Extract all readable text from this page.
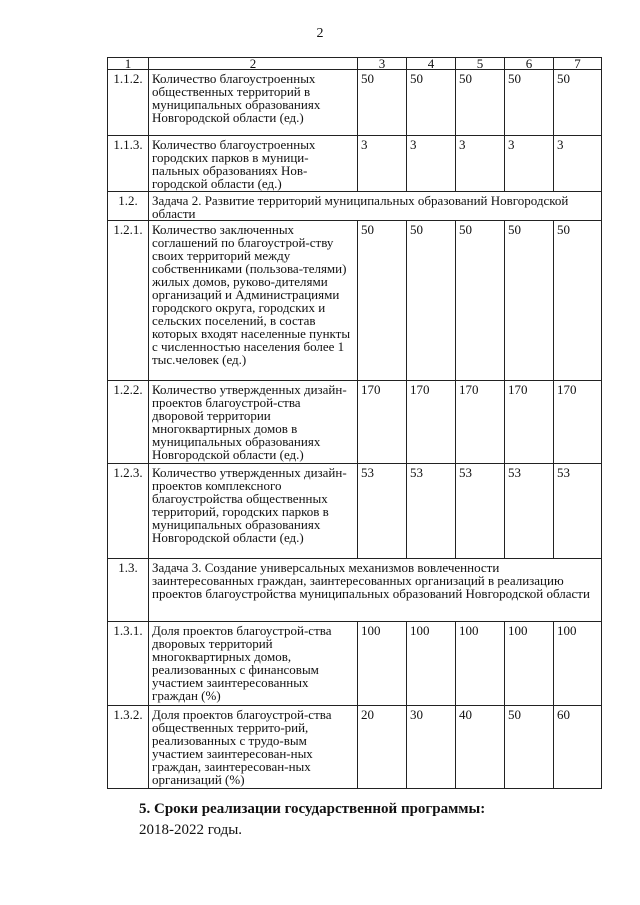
2
1	2	3	4	5	6	7
1.1.2.	Количество благоустроенных общественных территорий в муниципальных образованиях Новгородской области (ед.)	50	50	50	50	50
1.1.3.	Количество благоустроенных городских парков в муници-пальных образованиях Нов-городской области (ед.)	3	3	3	3	3
1.2.	Задача 2. Развитие территорий муниципальных образований Новгородской области					
1.2.1.	Количество заключенных соглашений по благоустрой-ству своих территорий между собственниками (пользова-телями) жилых домов, руково-дителями организаций и Администрациями городского округа, городских и сельских поселений, в состав которых входят населенные пункты с численностью населения более 1 тыс.человек (ед.)	50	50	50	50	50
1.2.2.	Количество утвержденных дизайн-проектов благоустрой-ства дворовой территории многоквартирных домов в муниципальных образованиях Новгородской области (ед.)	170	170	170	170	170
1.2.3.	Количество утвержденных дизайн-проектов комплексного благоустройства общественных территорий, городских парков в муниципальных образованиях Новгородской области (ед.)	53	53	53	53	53
1.3.	Задача 3. Создание универсальных механизмов вовлеченности заинтересованных граждан, заинтересованных организаций в реализацию проектов благоустройства муниципальных образований Новгородской области					
1.3.1.	Доля проектов благоустрой-ства дворовых территорий многоквартирных домов, реализованных с финансовым участием заинтересованных граждан (%)	100	100	100	100	100
1.3.2.	Доля проектов благоустрой-ства общественных террито-рий, реализованных с трудо-вым участием заинтересован-ных граждан, заинтересован-ных организаций (%)	20	30	40	50	60
5. Сроки реализации государственной программы:
2018-2022 годы.
